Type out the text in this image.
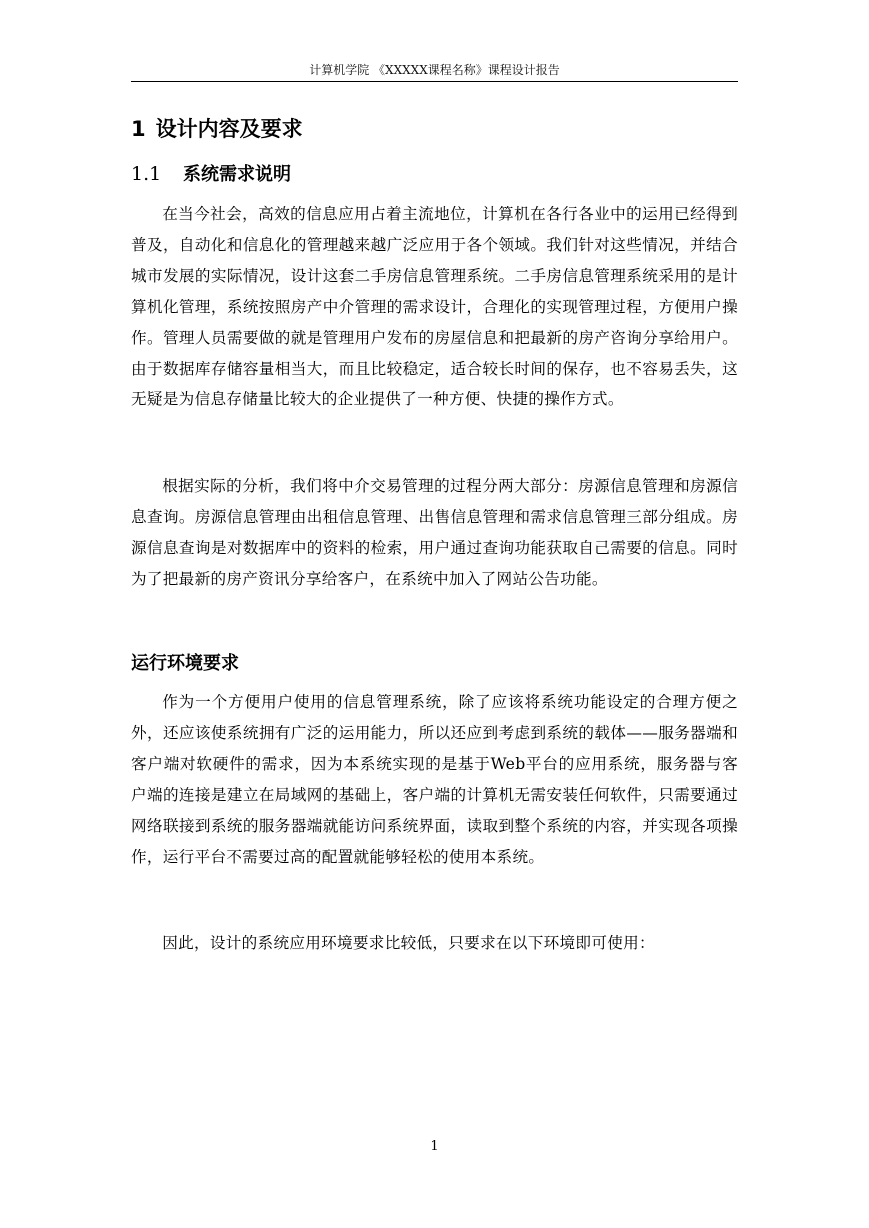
计算机学院 《XXXXX课程名称》课程设计报告
1 设计内容及要求
1.1 系统需求说明

在当今社会，高效的信息应用占着主流地位，计算机在各行各业中的运用已经得到普及，自动化和信息化的管理越来越广泛应用于各个领域。我们针对这些情况，并结合城市发展的实际情况，设计这套二手房信息管理系统。二手房信息管理系统采用的是计算机化管理，系统按照房产中介管理的需求设计，合理化的实现管理过程，方便用户操作。管理人员需要做的就是管理用户发布的房屋信息和把最新的房产咨询分享给用户。由于数据库存储容量相当大，而且比较稳定，适合较长时间的保存，也不容易丢失，这无疑是为信息存储量比较大的企业提供了一种方便、快捷的操作方式。

根据实际的分析，我们将中介交易管理的过程分两大部分：房源信息管理和房源信息查询。房源信息管理由出租信息管理、出售信息管理和需求信息管理三部分组成。房源信息查询是对数据库中的资料的检索，用户通过查询功能获取自己需要的信息。同时为了把最新的房产资讯分享给客户，在系统中加入了网站公告功能。

运行环境要求

作为一个方便用户使用的信息管理系统，除了应该将系统功能设定的合理方便之外，还应该使系统拥有广泛的运用能力，所以还应到考虑到系统的载体——服务器端和客户端对软硬件的需求，因为本系统实现的是基于Web平台的应用系统，服务器与客户端的连接是建立在局域网的基础上，客户端的计算机无需安装任何软件，只需要通过网络联接到系统的服务器端就能访问系统界面，读取到整个系统的内容，并实现各项操作，运行平台不需要过高的配置就能够轻松的使用本系统。

因此，设计的系统应用环境要求比较低，只要求在以下环境即可使用：

1
